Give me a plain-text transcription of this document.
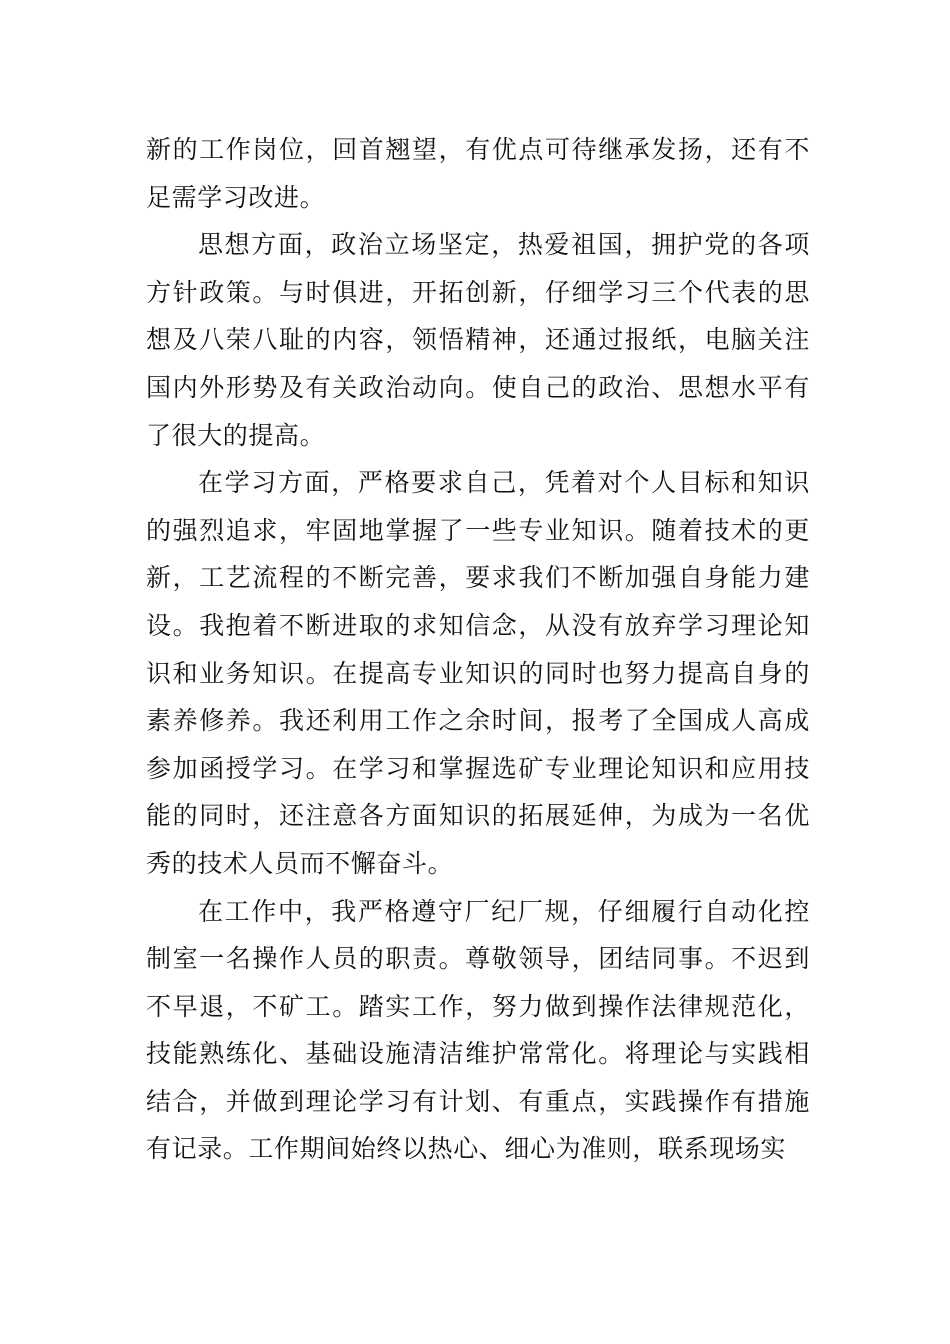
新的工作岗位，回首翘望，有优点可待继承发扬，还有不足需学习改进。

思想方面，政治立场坚定，热爱祖国，拥护党的各项方针政策。与时俱进，开拓创新，仔细学习三个代表的思想及八荣八耻的内容，领悟精神，还通过报纸，电脑关注国内外形势及有关政治动向。使自己的政治、思想水平有了很大的提高。

在学习方面，严格要求自己，凭着对个人目标和知识的强烈追求，牢固地掌握了一些专业知识。随着技术的更新，工艺流程的不断完善，要求我们不断加强自身能力建设。我抱着不断进取的求知信念，从没有放弃学习理论知识和业务知识。在提高专业知识的同时也努力提高自身的素养修养。我还利用工作之余时间，报考了全国成人高成参加函授学习。在学习和掌握选矿专业理论知识和应用技能的同时，还注意各方面知识的拓展延伸，为成为一名优秀的技术人员而不懈奋斗。

在工作中，我严格遵守厂纪厂规，仔细履行自动化控制室一名操作人员的职责。尊敬领导，团结同事。不迟到不早退，不矿工。踏实工作，努力做到操作法律规范化，技能熟练化、基础设施清洁维护常常化。将理论与实践相结合，并做到理论学习有计划、有重点，实践操作有措施有记录。工作期间始终以热心、细心为准则，联系现场实
